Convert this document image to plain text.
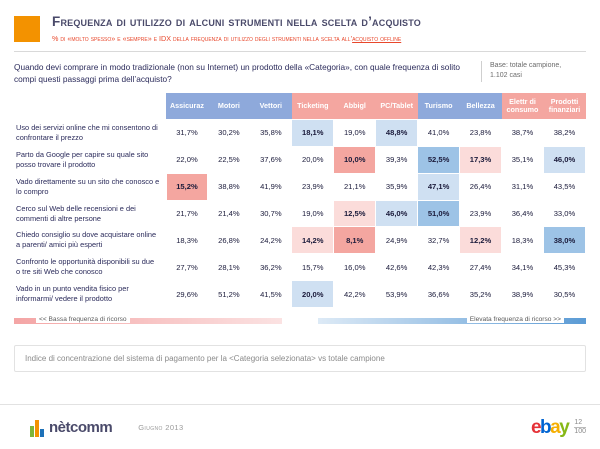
Frequenza di utilizzo di alcuni strumenti nella scelta d’acquisto
% di «molto spesso» e «sempre» e IDX della frequenza di utilizzo degli strumenti nella scelta all’acquisto offline
Quando devi comprare in modo tradizionale (non su Internet) un prodotto della «Categoria», con quale frequenza di solito compi questi passaggi prima dell’acquisto?
Base: totale campione,
1.102 casi
	Assicuraz	Motori	Vettori	Ticketing	Abbigl	PC/Tablet	Turismo	Bellezza	Elettr di consumo	Prodotti finanziari
Uso dei servizi online che mi consentono di confrontare il prezzo	31,7%	30,2%	35,8%	18,1%	19,0%	48,8%	41,0%	23,8%	38,7%	38,2%
Parto da Google per capire su quale sito posso trovare il prodotto	22,0%	22,5%	37,6%	20,0%	10,0%	39,3%	52,5%	17,3%	35,1%	46,0%
Vado direttamente su un sito che conosco e lo compro	15,2%	38,8%	41,9%	23,9%	21,1%	35,9%	47,1%	26,4%	31,1%	43,5%
Cerco sul Web delle recensioni e dei commenti di altre persone	21,7%	21,4%	30,7%	19,0%	12,5%	46,0%	51,0%	23,9%	36,4%	33,0%
Chiedo consiglio su dove acquistare online a parenti/ amici più esperti	18,3%	26,8%	24,2%	14,2%	8,1%	24,9%	32,7%	12,2%	18,3%	38,0%
Confronto le opportunità disponibili su due o tre siti Web che conosco	27,7%	28,1%	36,2%	15,7%	16,0%	42,6%	42,3%	27,4%	34,1%	45,3%
Vado in un punto vendita fisico per informarmi/ vedere il prodotto	29,6%	51,2%	41,5%	20,0%	42,2%	53,9%	36,6%	35,2%	38,9%	30,5%
<< Bassa frequenza di ricorso	Elevata frequenza di ricorso >>
Indice di concentrazione del sistema di pagamento per la <Categoria selezionata> vs totale campione
nètcomm	Giugno 2013	ebay 12
100
